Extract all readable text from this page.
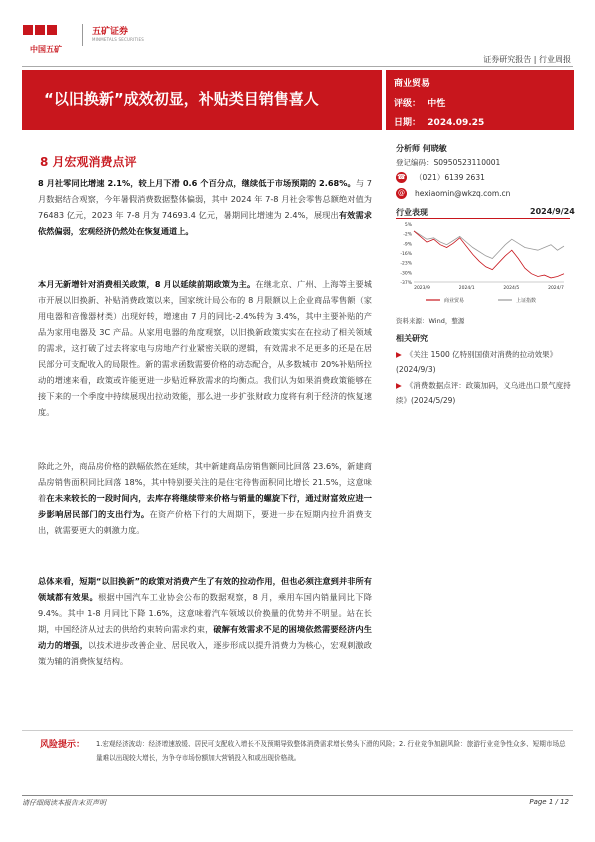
中国五矿
五矿证券
MINMETALS SECURITIES
证券研究报告 | 行业周报
“以旧换新”成效初显，补贴类目销售喜人
商业贸易
评级： 中性
日期： 2024.09.25
8 月宏观消费点评
8 月社零同比增速 2.1%，较上月下滑 0.6 个百分点，继续低于市场预期的 2.68%。与 7 月数据结合观察，今年暑假消费数据整体偏弱，其中 2024 年 7-8 月社会零售总额绝对值为 76483 亿元，2023 年 7-8 月为 74693.4 亿元，暑期同比增速为 2.4%，展现出有效需求依然偏弱，宏观经济仍然处在恢复通道上。
本月无新增针对消费相关政策，8 月以延续前期政策为主。在继北京、广州、上海等主要城市开展以旧换新、补贴消费政策以来，国家统计局公布的 8 月限额以上企业商品零售额（家用电器和音像器材类）出现好转，增速由 7 月的同比-2.4%转为 3.4%，其中主要补贴的产品为家用电器及 3C 产品。从家用电器的角度观察，以旧换新政策实实在在拉动了相关领域的需求，这打破了过去将家电与房地产行业紧密关联的逻辑，有效需求不足更多的还是在居民部分可支配收入的局限性。新的需求函数需要价格的动态配合，从多数城市 20%补贴所拉动的增速来看，政策或许能更进一步贴近释放需求的均衡点。我们认为如果消费政策能够在接下来的一个季度中持续展现出拉动效能，那么进一步扩张财政力度将有利于经济的恢复速度。
除此之外，商品房价格的跌幅依然在延续，其中新建商品房销售额同比回落 23.6%，新建商品房销售面积同比回落 18%，其中特别要关注的是住宅待售面积同比增长 21.5%，这意味着在未来较长的一段时间内，去库存将继续带来价格与销量的螺旋下行，通过财富效应进一步影响居民部门的支出行为。在资产价格下行的大周期下，要进一步在短期内拉升消费支出，就需要更大的刺激力度。
总体来看，短期“以旧换新”的政策对消费产生了有效的拉动作用，但也必须注意到并非所有领域都有效果。根据中国汽车工业协会公布的数据观察，8 月，乘用车国内销量同比下降 9.4%。其中 1-8 月同比下降 1.6%，这意味着汽车领域以价换量的优势并不明显。站在长期，中国经济从过去的供给约束转向需求约束，破解有效需求不足的困境依然需要经济内生动力的增强，以技术进步改善企业、居民收入，逐步形成以提升消费力为核心，宏观刺激政策为辅的消费恢复结构。
分析师 何晓敏
登记编码：S0950523110001
☎ （021）6139 2631
@ hexiaomin@wkzq.com.cn
行业表现	2024/9/24
5%
-2%
-9%
-16%
-23%
-30%
-37%
2023/9	2024/1	2024/5	2024/7
商业贸易	上证指数
资料来源：Wind，整源
相关研究
▶ 《关注 1500 亿特别国债对消费的拉动效果》(2024/9/3)
▶ 《消费数据点评：政策加码，义乌进出口景气度持续》(2024/5/29)
风险提示： 1.宏观经济波动：经济增速放缓、居民可支配收入增长不及预期导致整体消费需求增长势头下滑的风险；2. 行业竞争加剧风险：旅游行业竞争性众多、短期市场总量难以出现较大增长，为争夺市场份额加大营销投入和或出现价格战。
请仔细阅读本报告末页声明	Page 1 / 12
